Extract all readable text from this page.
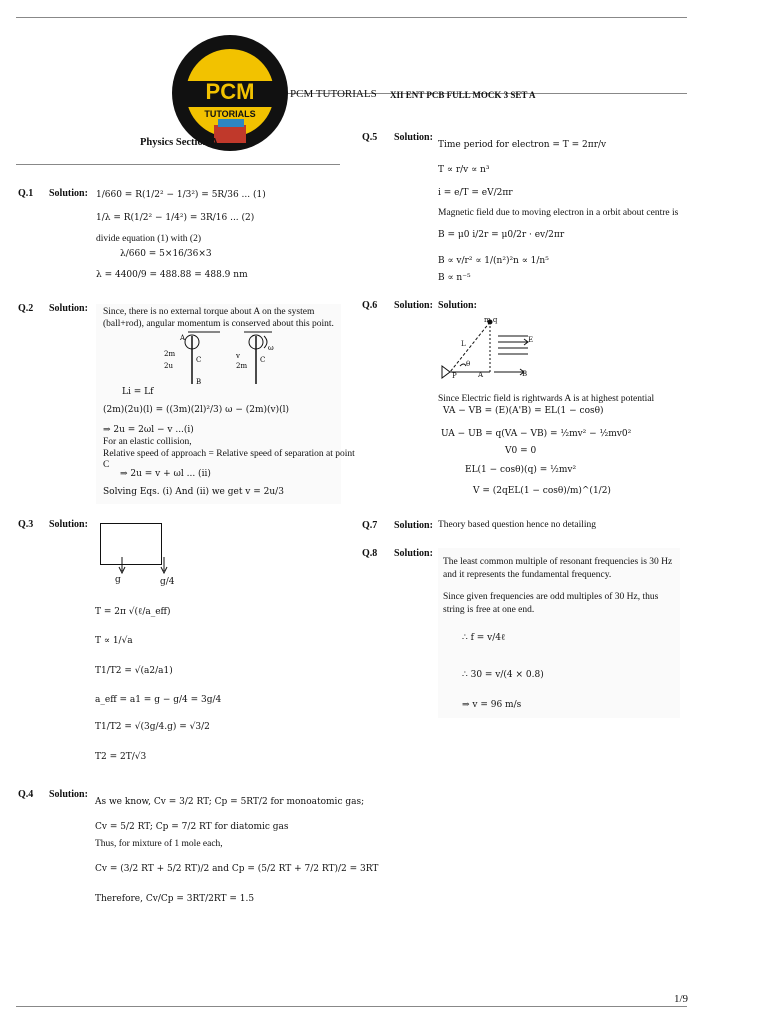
PCM
TUTORIALS
PCM TUTORIALS XII ENT PCB FULL MOCK 3 SET A
Physics Section A
Q.1 Solution: 1/660 = R(1/2² − 1/3²) = 5R/36 ... (1)
1/λ = R(1/2² − 1/4²) = 3R/16 ... (2)
divide equation (1) with (2)
λ/660 = 5×16/36×3
λ = 4400/9 = 488.88 = 488.9 nm
Q.2 Solution: Since, there is no external torque about A on the system
(ball+rod), angular momentum is conserved about this point.
A
2m
2u
C
B
v
2m
C
ω
Li = Lf
(2m)(2u)(l) = ((3m)(2l)²/3) ω − (2m)(v)(l)
⇒ 2u = 2ωl − v ...(i)
For an elastic collision,
Relative speed of approach = Relative speed of separation at point
C
⇒ 2u = v + ωl ... (ii)
Solving Eqs. (i) And (ii) we get v = 2u/3
Q.3 Solution:
g	g/4
T = 2π √(ℓ/a_eff)
T ∝ 1/√a
T1/T2 = √(a2/a1)
a_eff = a1 = g − g/4 = 3g/4
T1/T2 = √(3g/4.g) = √3/2
T2 = 2T/√3
Q.4 Solution:
As we know, Cv = 3/2 RT; Cp = 5RT/2 for monoatomic gas;
Cv = 5/2 RT; Cp = 7/2 RT for diatomic gas
Thus, for mixture of 1 mole each,
Cv = (3/2 RT + 5/2 RT)/2 and Cp = (5/2 RT + 7/2 RT)/2 = 3RT
Therefore, Cv/Cp = 3RT/2RT = 1.5
Q.5 Solution:
Time period for electron = T = 2πr/v
T ∝ r/v ∝ n³
i = e/T = eV/2πr
Magnetic field due to moving electron in a orbit about centre is
B = μ0 i/2r = μ0/2r · ev/2πr
B ∝ v/r² ∝ 1/(n²)²n ∝ 1/n⁵
B ∝ n⁻⁵
Q.6 Solution: Solution:
m,q
E
B
L
P	A
θ
Since Electric field is rightwards A is at highest potential
VA − VB = (E)(A'B) = EL(1 − cosθ)
UA − UB = q(VA − VB) = ½mv² − ½mv0²
V0 = 0
EL(1 − cosθ)(q) = ½mv²
V = (2qEL(1 − cosθ)/m)^(1/2)
Q.7 Solution: Theory based question hence no detailing
Q.8 Solution:
The least common multiple of resonant frequencies is 30 Hz
and it represents the fundamental frequency.
Since given frequencies are odd multiples of 30 Hz, thus
string is free at one end.
∴ f = v/4ℓ
∴ 30 = v/(4 × 0.8)
⇒ v = 96 m/s
1/9
